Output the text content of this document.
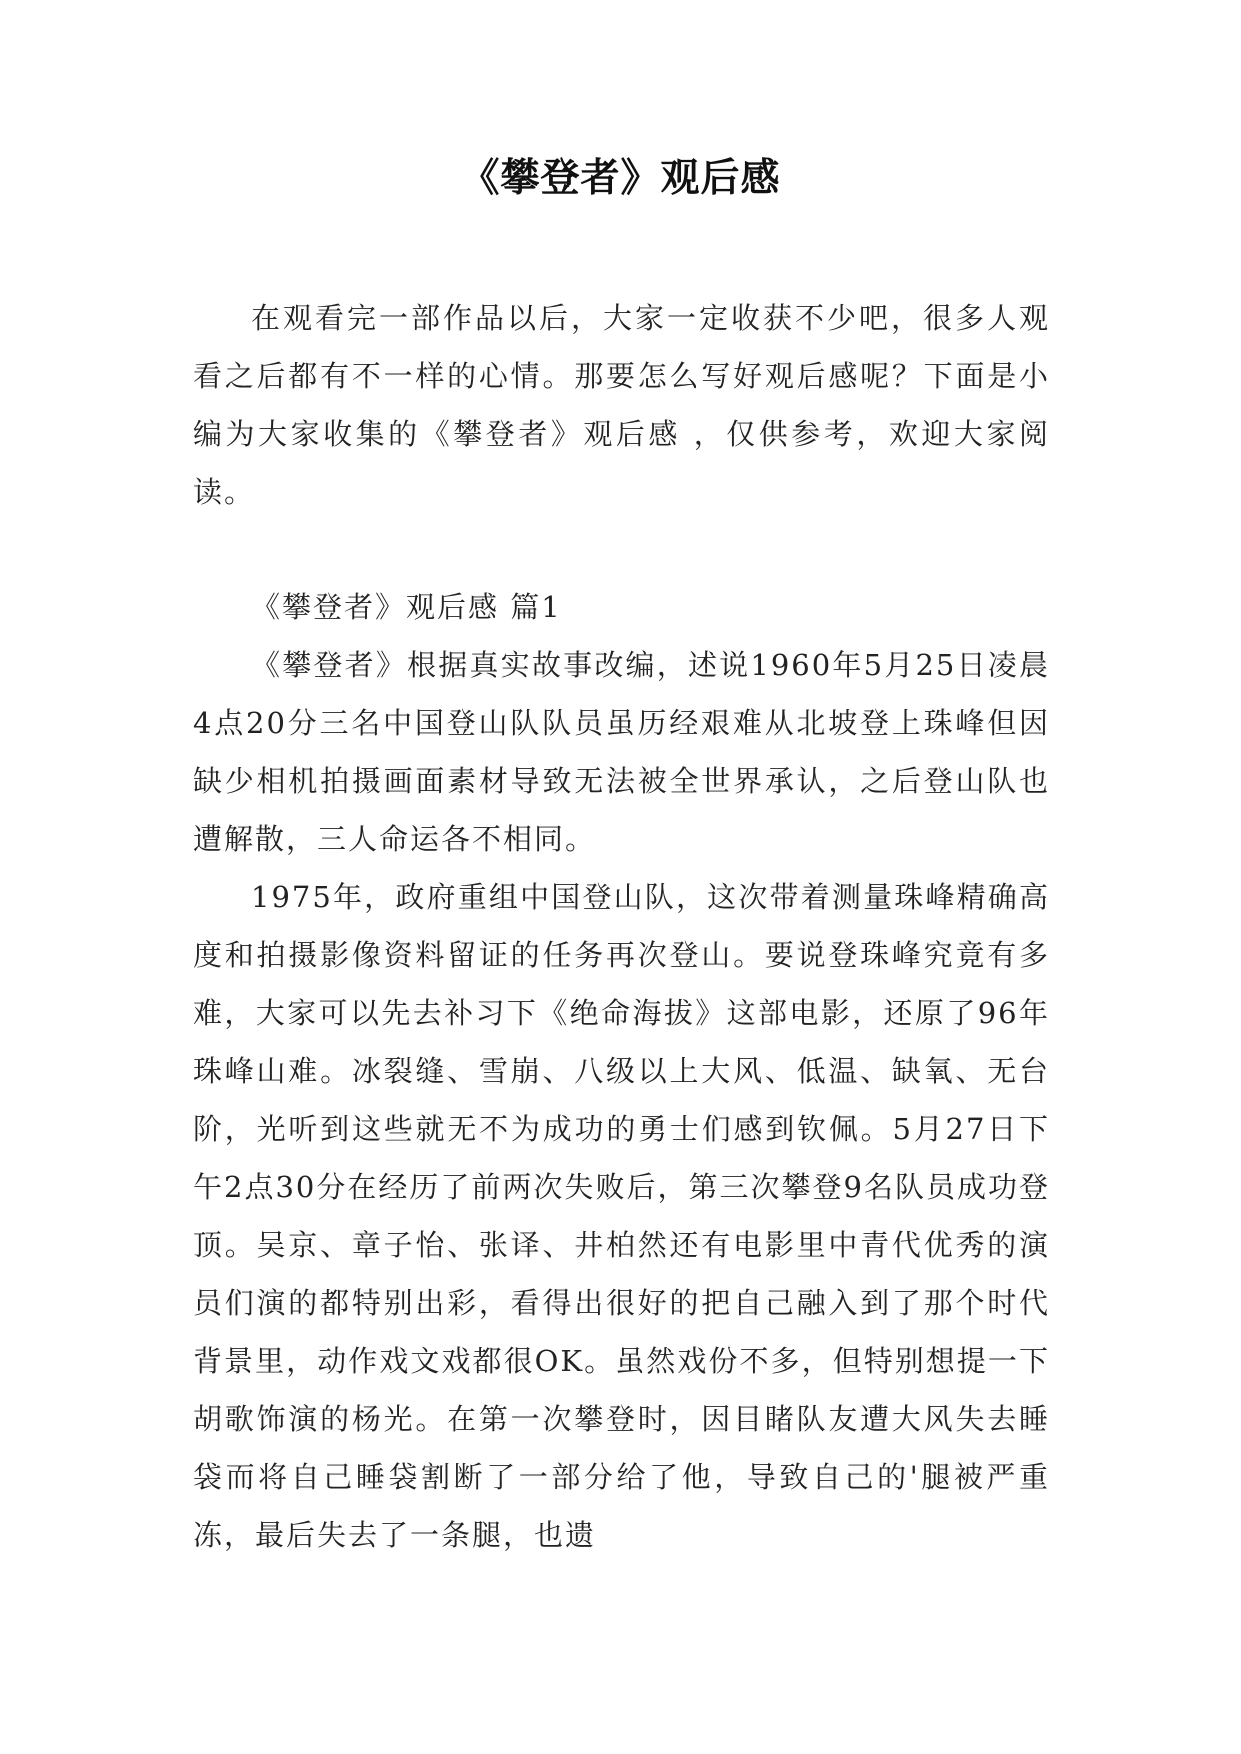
《攀登者》观后感

在观看完一部作品以后，大家一定收获不少吧，很多人观看之后都有不一样的心情。那要怎么写好观后感呢？下面是小编为大家收集的《攀登者》观后感 ，仅供参考，欢迎大家阅读。

《攀登者》观后感 篇1

《攀登者》根据真实故事改编，述说1960年5月25日凌晨4点20分三名中国登山队队员虽历经艰难从北坡登上珠峰但因缺少相机拍摄画面素材导致无法被全世界承认，之后登山队也遭解散，三人命运各不相同。

1975年，政府重组中国登山队，这次带着测量珠峰精确高度和拍摄影像资料留证的任务再次登山。要说登珠峰究竟有多难，大家可以先去补习下《绝命海拔》这部电影，还原了96年珠峰山难。冰裂缝、雪崩、八级以上大风、低温、缺氧、无台阶，光听到这些就无不为成功的勇士们感到钦佩。5月27日下午2点30分在经历了前两次失败后，第三次攀登9名队员成功登顶。吴京、章子怡、张译、井柏然还有电影里中青代优秀的演员们演的都特别出彩，看得出很好的把自己融入到了那个时代背景里，动作戏文戏都很OK。虽然戏份不多，但特别想提一下胡歌饰演的杨光。在第一次攀登时，因目睹队友遭大风失去睡袋而将自己睡袋割断了一部分给了他，导致自己的'腿被严重冻，最后失去了一条腿，也遗
